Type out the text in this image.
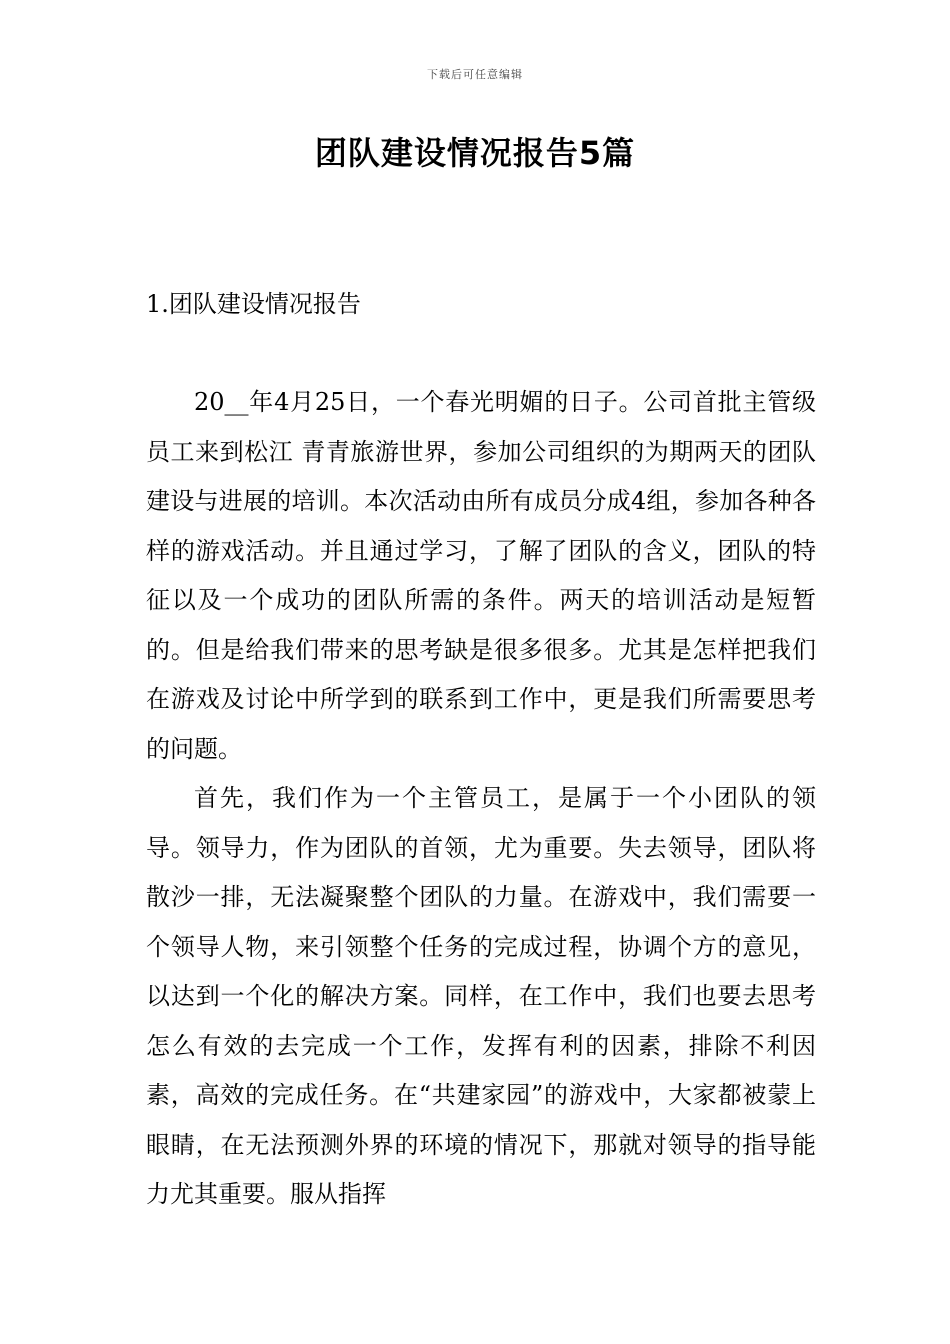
下载后可任意编辑
团队建设情况报告5篇
1.团队建设情况报告

20__年4月25日，一个春光明媚的日子。公司首批主管级员工来到松江 青青旅游世界，参加公司组织的为期两天的团队建设与进展的培训。本次活动由所有成员分成4组，参加各种各样的游戏活动。并且通过学习，了解了团队的含义，团队的特征以及一个成功的团队所需的条件。两天的培训活动是短暂的。但是给我们带来的思考缺是很多很多。尤其是怎样把我们在游戏及讨论中所学到的联系到工作中，更是我们所需要思考的问题。

首先，我们作为一个主管员工，是属于一个小团队的领导。领导力，作为团队的首领，尤为重要。失去领导，团队将散沙一排，无法凝聚整个团队的力量。在游戏中，我们需要一个领导人物，来引领整个任务的完成过程，协调个方的意见，以达到一个化的解决方案。同样，在工作中，我们也要去思考怎么有效的去完成一个工作，发挥有利的因素，排除不利因素，高效的完成任务。在“共建家园”的游戏中，大家都被蒙上眼睛，在无法预测外界的环境的情况下，那就对领导的指导能力尤其重要。服从指挥
